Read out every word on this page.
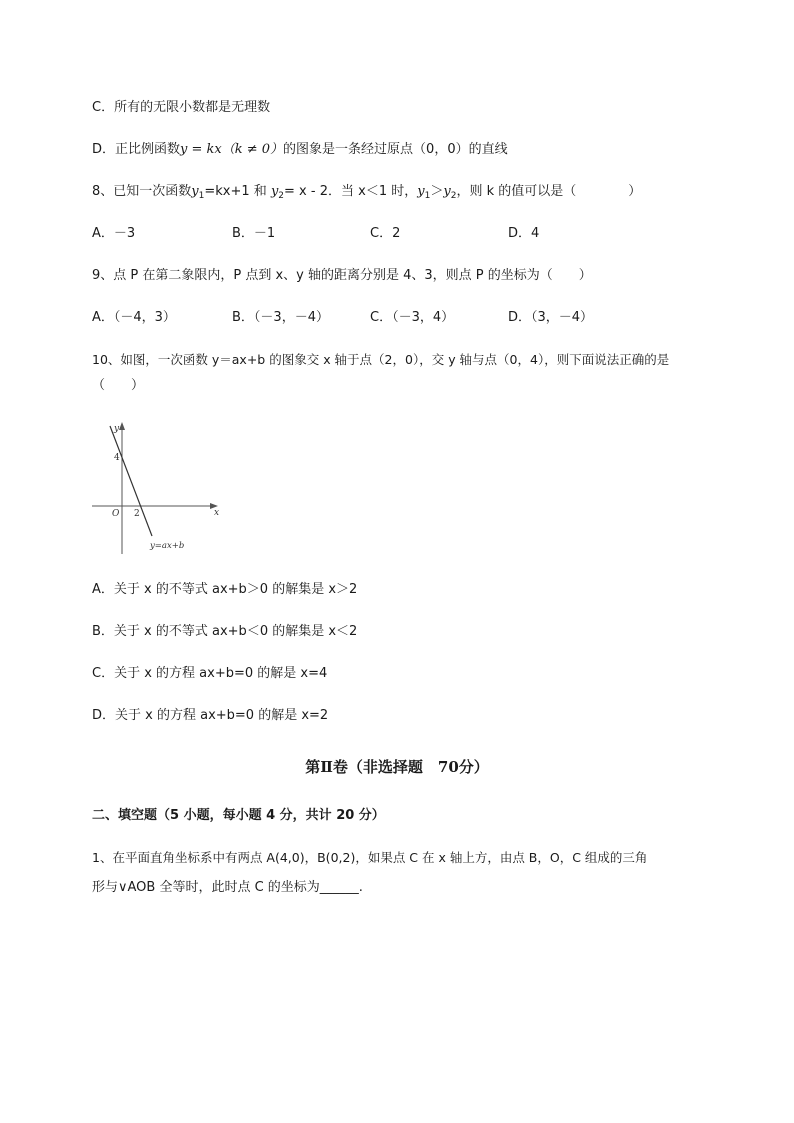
C．所有的无限小数都是无理数
D．正比例函数y = kx（k ≠ 0）的图象是一条经过原点（0，0）的直线
8、已知一次函数$y_1=kx+1$ 和 $y_2= x - 2$．当 x＜1 时，$y_1>y_2$，则 k 的值可以是（　　　　）
A．－3	B．－1	C．2	D．4
9、点 P 在第二象限内，P 点到 x、y 轴的距离分别是 4、3，则点 P 的坐标为（　　）
A．（－4，3）	B．（－3，－4）	C．（－3，4）	D．（3，－4）
10、如图，一次函数 y＝ax+b 的图象交 x 轴于点（2，0），交 y 轴与点（0，4），则下面说法正确的是
（　　）
y
x
O 2
4
y=ax+b
A．关于 x 的不等式 ax+b＞0 的解集是 x＞2
B．关于 x 的不等式 ax+b＜0 的解集是 x＜2
C．关于 x 的方程 ax+b=0 的解是 x=4
D．关于 x 的方程 ax+b=0 的解是 x=2
第Ⅱ卷（非选择题　70分）
二、填空题（5 小题，每小题 4 分，共计 20 分）
1、在平面直角坐标系中有两点 A(4,0)，B(0,2)，如果点 C 在 x 轴上方，由点 B，O，C 组成的三角
形与∨AOB 全等时，此时点 C 的坐标为______.
